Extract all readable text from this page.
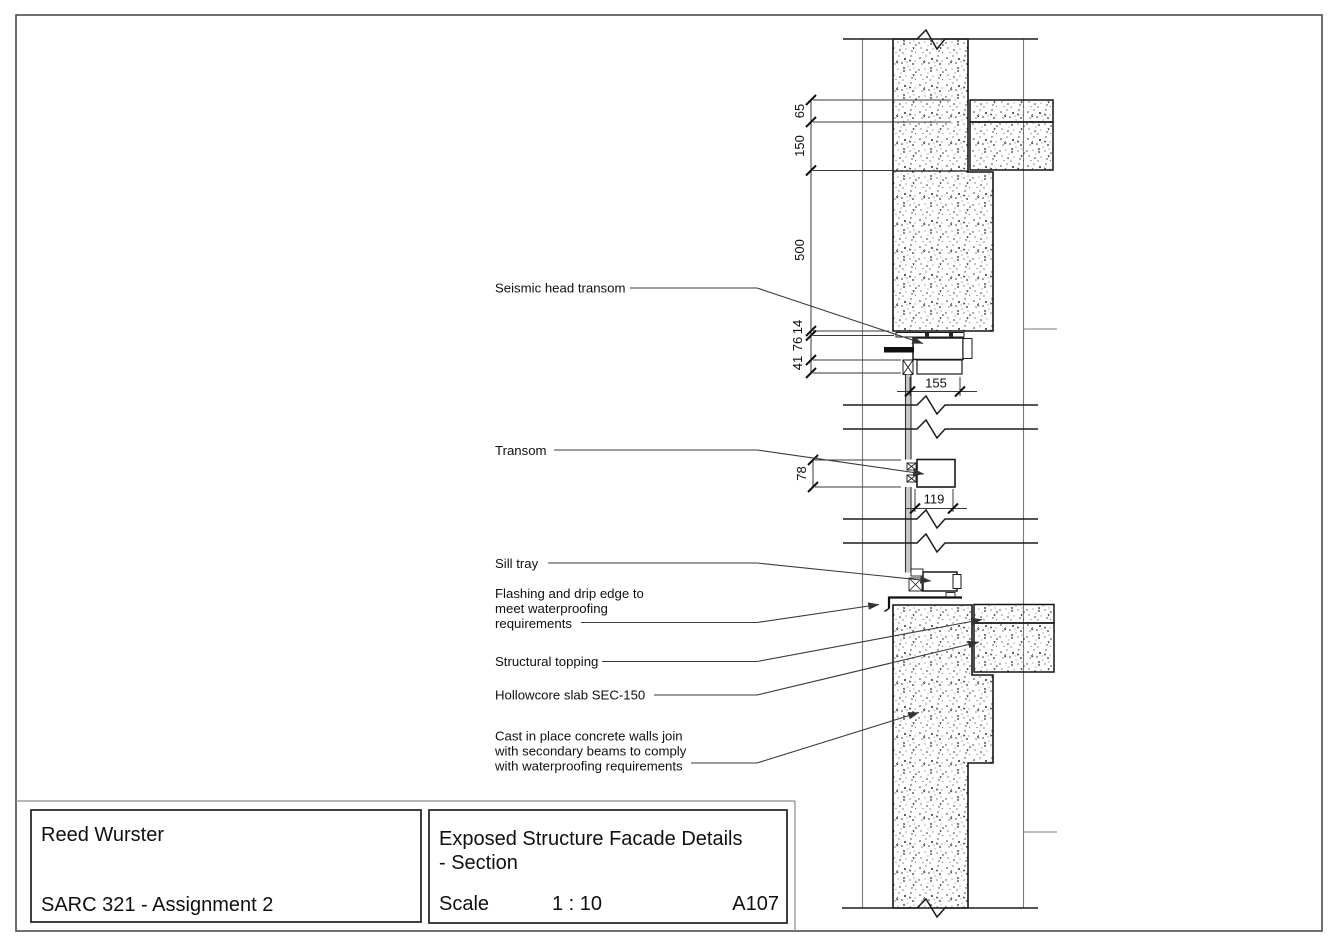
65
150
500
14
76
41
155
78
119
Seismic head transom
Transom
Sill tray
Flashing and drip edge to
meet waterproofing
requirements
Structural topping
Hollowcore slab SEC-150
Cast in place concrete walls join
with secondary beams to comply
with waterproofing requirements
Reed Wurster
SARC 321 - Assignment 2
Exposed Structure Facade Details
- Section
Scale	1 : 10	A107
